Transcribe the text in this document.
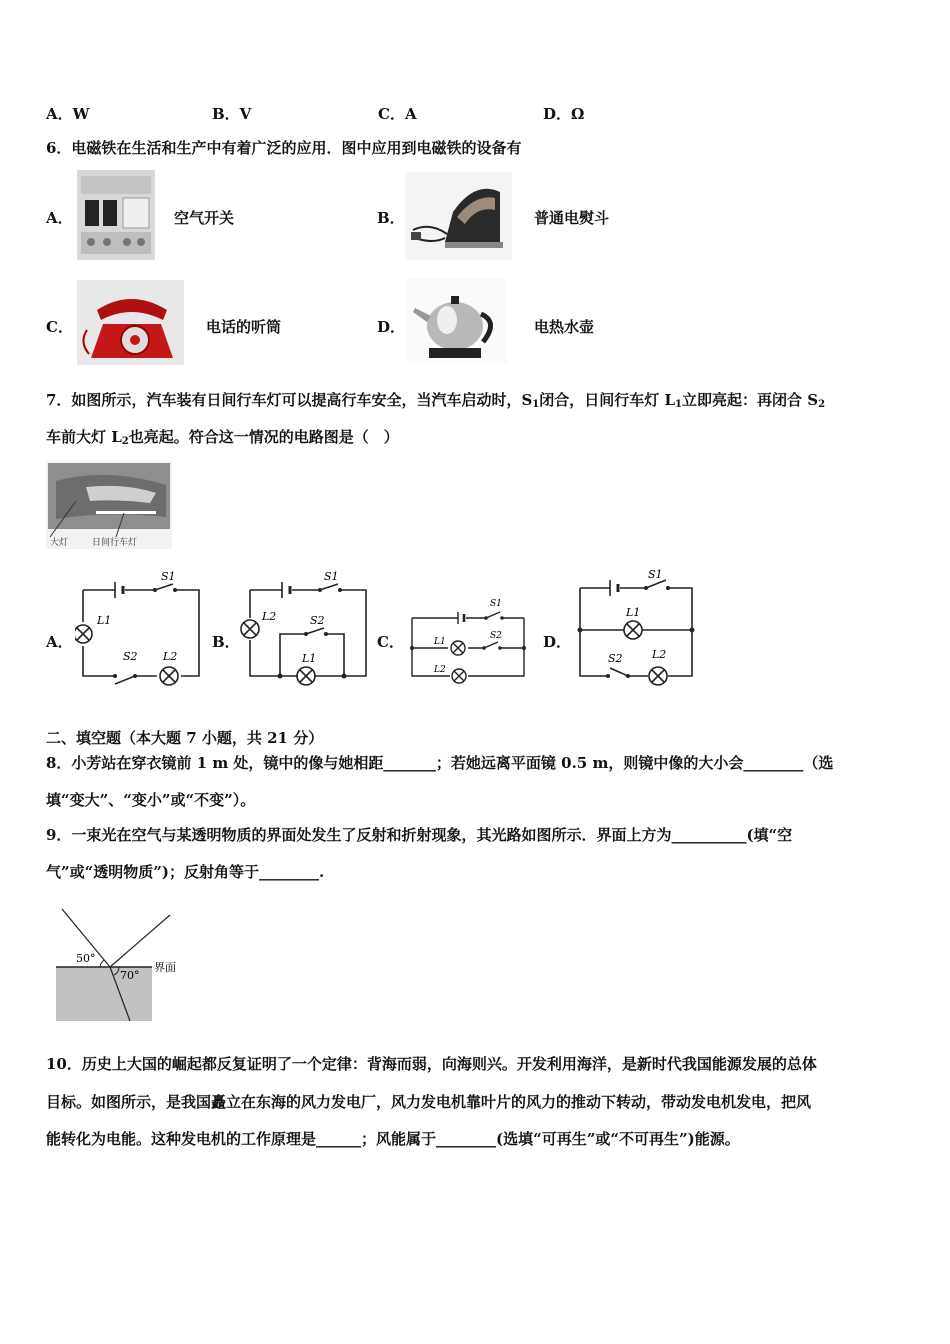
A．W	B．V	C．A	D．Ω
6．电磁铁在生活和生产中有着广泛的应用．图中应用到电磁铁的设备有
A．	空气开关	B．	普通电熨斗
C．	电话的听筒	D．	电热水壶
7．如图所示，汽车装有日间行车灯可以提高行车安全，当汽车启动时，$S_1$闭合，日间行车灯 $L_1$立即亮起：再闭合 $S_2$
车前大灯 $L_2$也亮起。符合这一情况的电路图是（　）
大灯	日间行车灯
A．
S1
L1
S2 L2
B．
S1
L2	S2
L1
C．
S1
S2
L1
L2
D．
S1
L1
S2	L2
二、填空题（本大题 7 小题，共 21 分）
8．小芳站在穿衣镜前 1 m 处，镜中的像与她相距_______；若她远离平面镜 0.5 m，则镜中像的大小会________（选
填“变大”、“变小”或“不变”）。
9．一束光在空气与某透明物质的界面处发生了反射和折射现象，其光路如图所示．界面上方为__________(填“空
气”或“透明物质”)；反射角等于________.
50°
70°
界面
10．历史上大国的崛起都反复证明了一个定律：背海而弱，向海则兴。开发利用海洋，是新时代我国能源发展的总体
目标。如图所示，是我国矗立在东海的风力发电厂，风力发电机靠叶片的风力的推动下转动，带动发电机发电，把风
能转化为电能。这种发电机的工作原理是______；风能属于________(选填“可再生”或“不可再生”)能源。
